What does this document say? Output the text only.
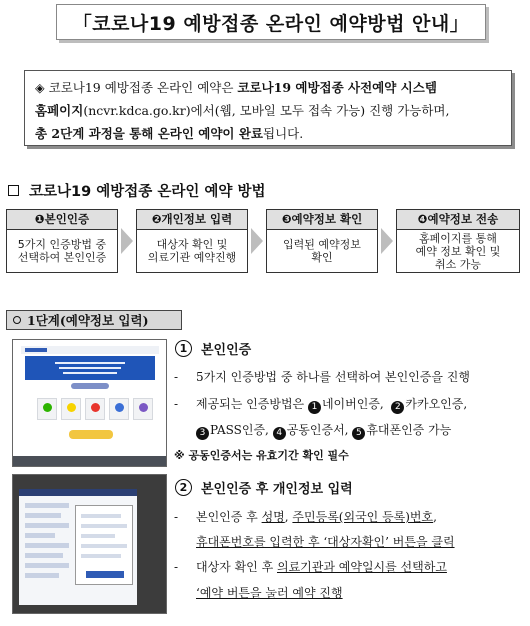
「코로나19 예방접종 온라인 예약방법 안내」
◈ 코로나19 예방접종 온라인 예약은 코로나19 예방접종 사전예약 시스템
홈페이지(ncvr.kdca.go.kr)에서(웹, 모바일 모두 접속 가능) 진행 가능하며,
총 2단계 과정을 통해 온라인 예약이 완료됩니다.
코로나19 예방접종 온라인 예약 방법
❶본인인증
5가지 인증방법 중
선택하여 본인인증
❷개인정보 입력
대상자 확인 및
의료기관 예약진행
❸예약정보 확인
입력된 예약정보
확인
❹예약정보 전송
홈페이지를 통해
예약 정보 확인 및
취소 가능
1단계(예약정보 입력)
1	본인인증
- 5가지 인증방법 중 하나를 선택하여 본인인증을 진행
- 제공되는 인증방법은 1 네이버인증, 2 카카오인증,
3 PASS인증, 4 공동인증서, 5 휴대폰인증 가능
※ 공동인증서는 유효기간 확인 필수
2	본인인증 후 개인정보 입력
- 본인인증 후 성명, 주민등록(외국인 등록)번호,
휴대폰번호를 입력한 후 ‘대상자확인’ 버튼을 클릭
- 대상자 확인 후 의료기관과 예약일시를 선택하고
‘예약 버튼을 눌러 예약 진행
